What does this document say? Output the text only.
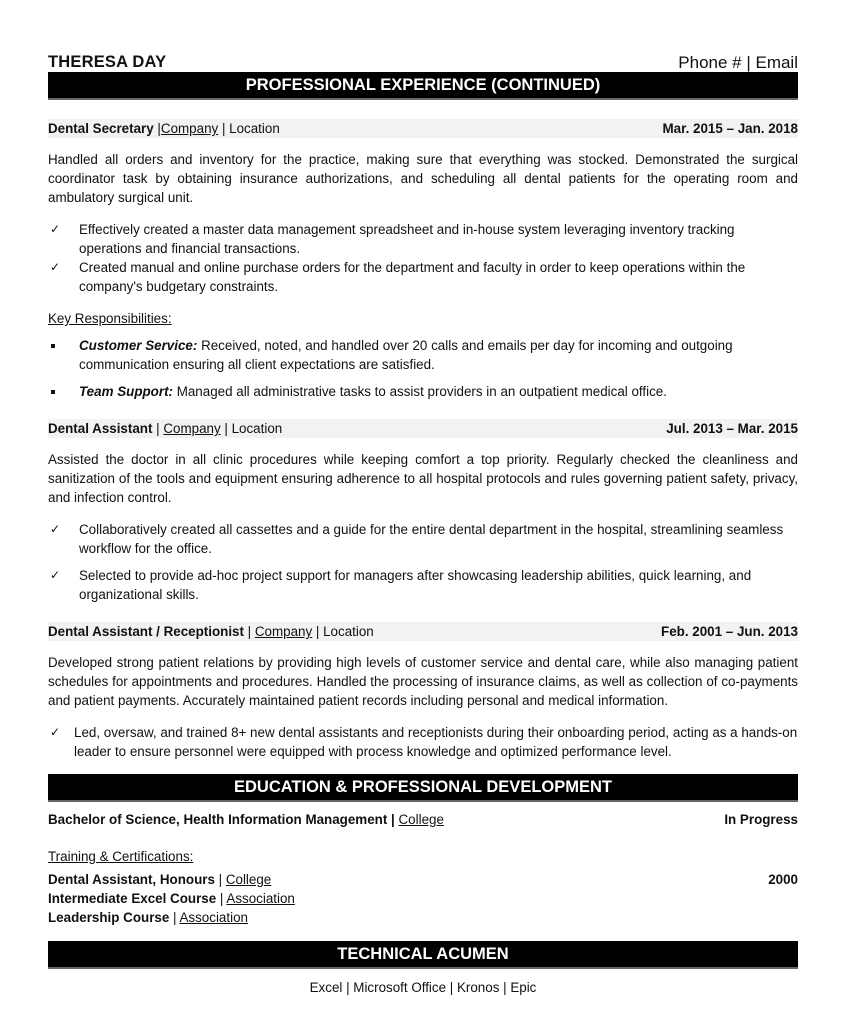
THERESA DAY	Phone # | Email
PROFESSIONAL EXPERIENCE (CONTINUED)
Dental Secretary |Company | Location	Mar. 2015 – Jan. 2018

Handled all orders and inventory for the practice, making sure that everything was stocked. Demonstrated the surgical coordinator task by obtaining insurance authorizations, and scheduling all dental patients for the operating room and ambulatory surgical unit.

✓ Effectively created a master data management spreadsheet and in-house system leveraging inventory tracking operations and financial transactions.
✓ Created manual and online purchase orders for the department and faculty in order to keep operations within the company's budgetary constraints.
Key Responsibilities:
Customer Service: Received, noted, and handled over 20 calls and emails per day for incoming and outgoing communication ensuring all client expectations are satisfied.
Team Support: Managed all administrative tasks to assist providers in an outpatient medical office.
Dental Assistant | Company | Location	Jul. 2013 – Mar. 2015

Assisted the doctor in all clinic procedures while keeping comfort a top priority. Regularly checked the cleanliness and sanitization of the tools and equipment ensuring adherence to all hospital protocols and rules governing patient safety, privacy, and infection control.

✓ Collaboratively created all cassettes and a guide for the entire dental department in the hospital, streamlining seamless workflow for the office.
✓ Selected to provide ad-hoc project support for managers after showcasing leadership abilities, quick learning, and organizational skills.
Dental Assistant / Receptionist | Company | Location	Feb. 2001 – Jun. 2013

Developed strong patient relations by providing high levels of customer service and dental care, while also managing patient schedules for appointments and procedures. Handled the processing of insurance claims, as well as collection of co-payments and patient payments. Accurately maintained patient records including personal and medical information.

✓ Led, oversaw, and trained 8+ new dental assistants and receptionists during their onboarding period, acting as a hands-on leader to ensure personnel were equipped with process knowledge and optimized performance level.
EDUCATION & PROFESSIONAL DEVELOPMENT
Bachelor of Science, Health Information Management | College	In Progress
Training & Certifications:
Dental Assistant, Honours | College	2000
Intermediate Excel Course | Association
Leadership Course | Association
TECHNICAL ACUMEN
Excel | Microsoft Office | Kronos | Epic
